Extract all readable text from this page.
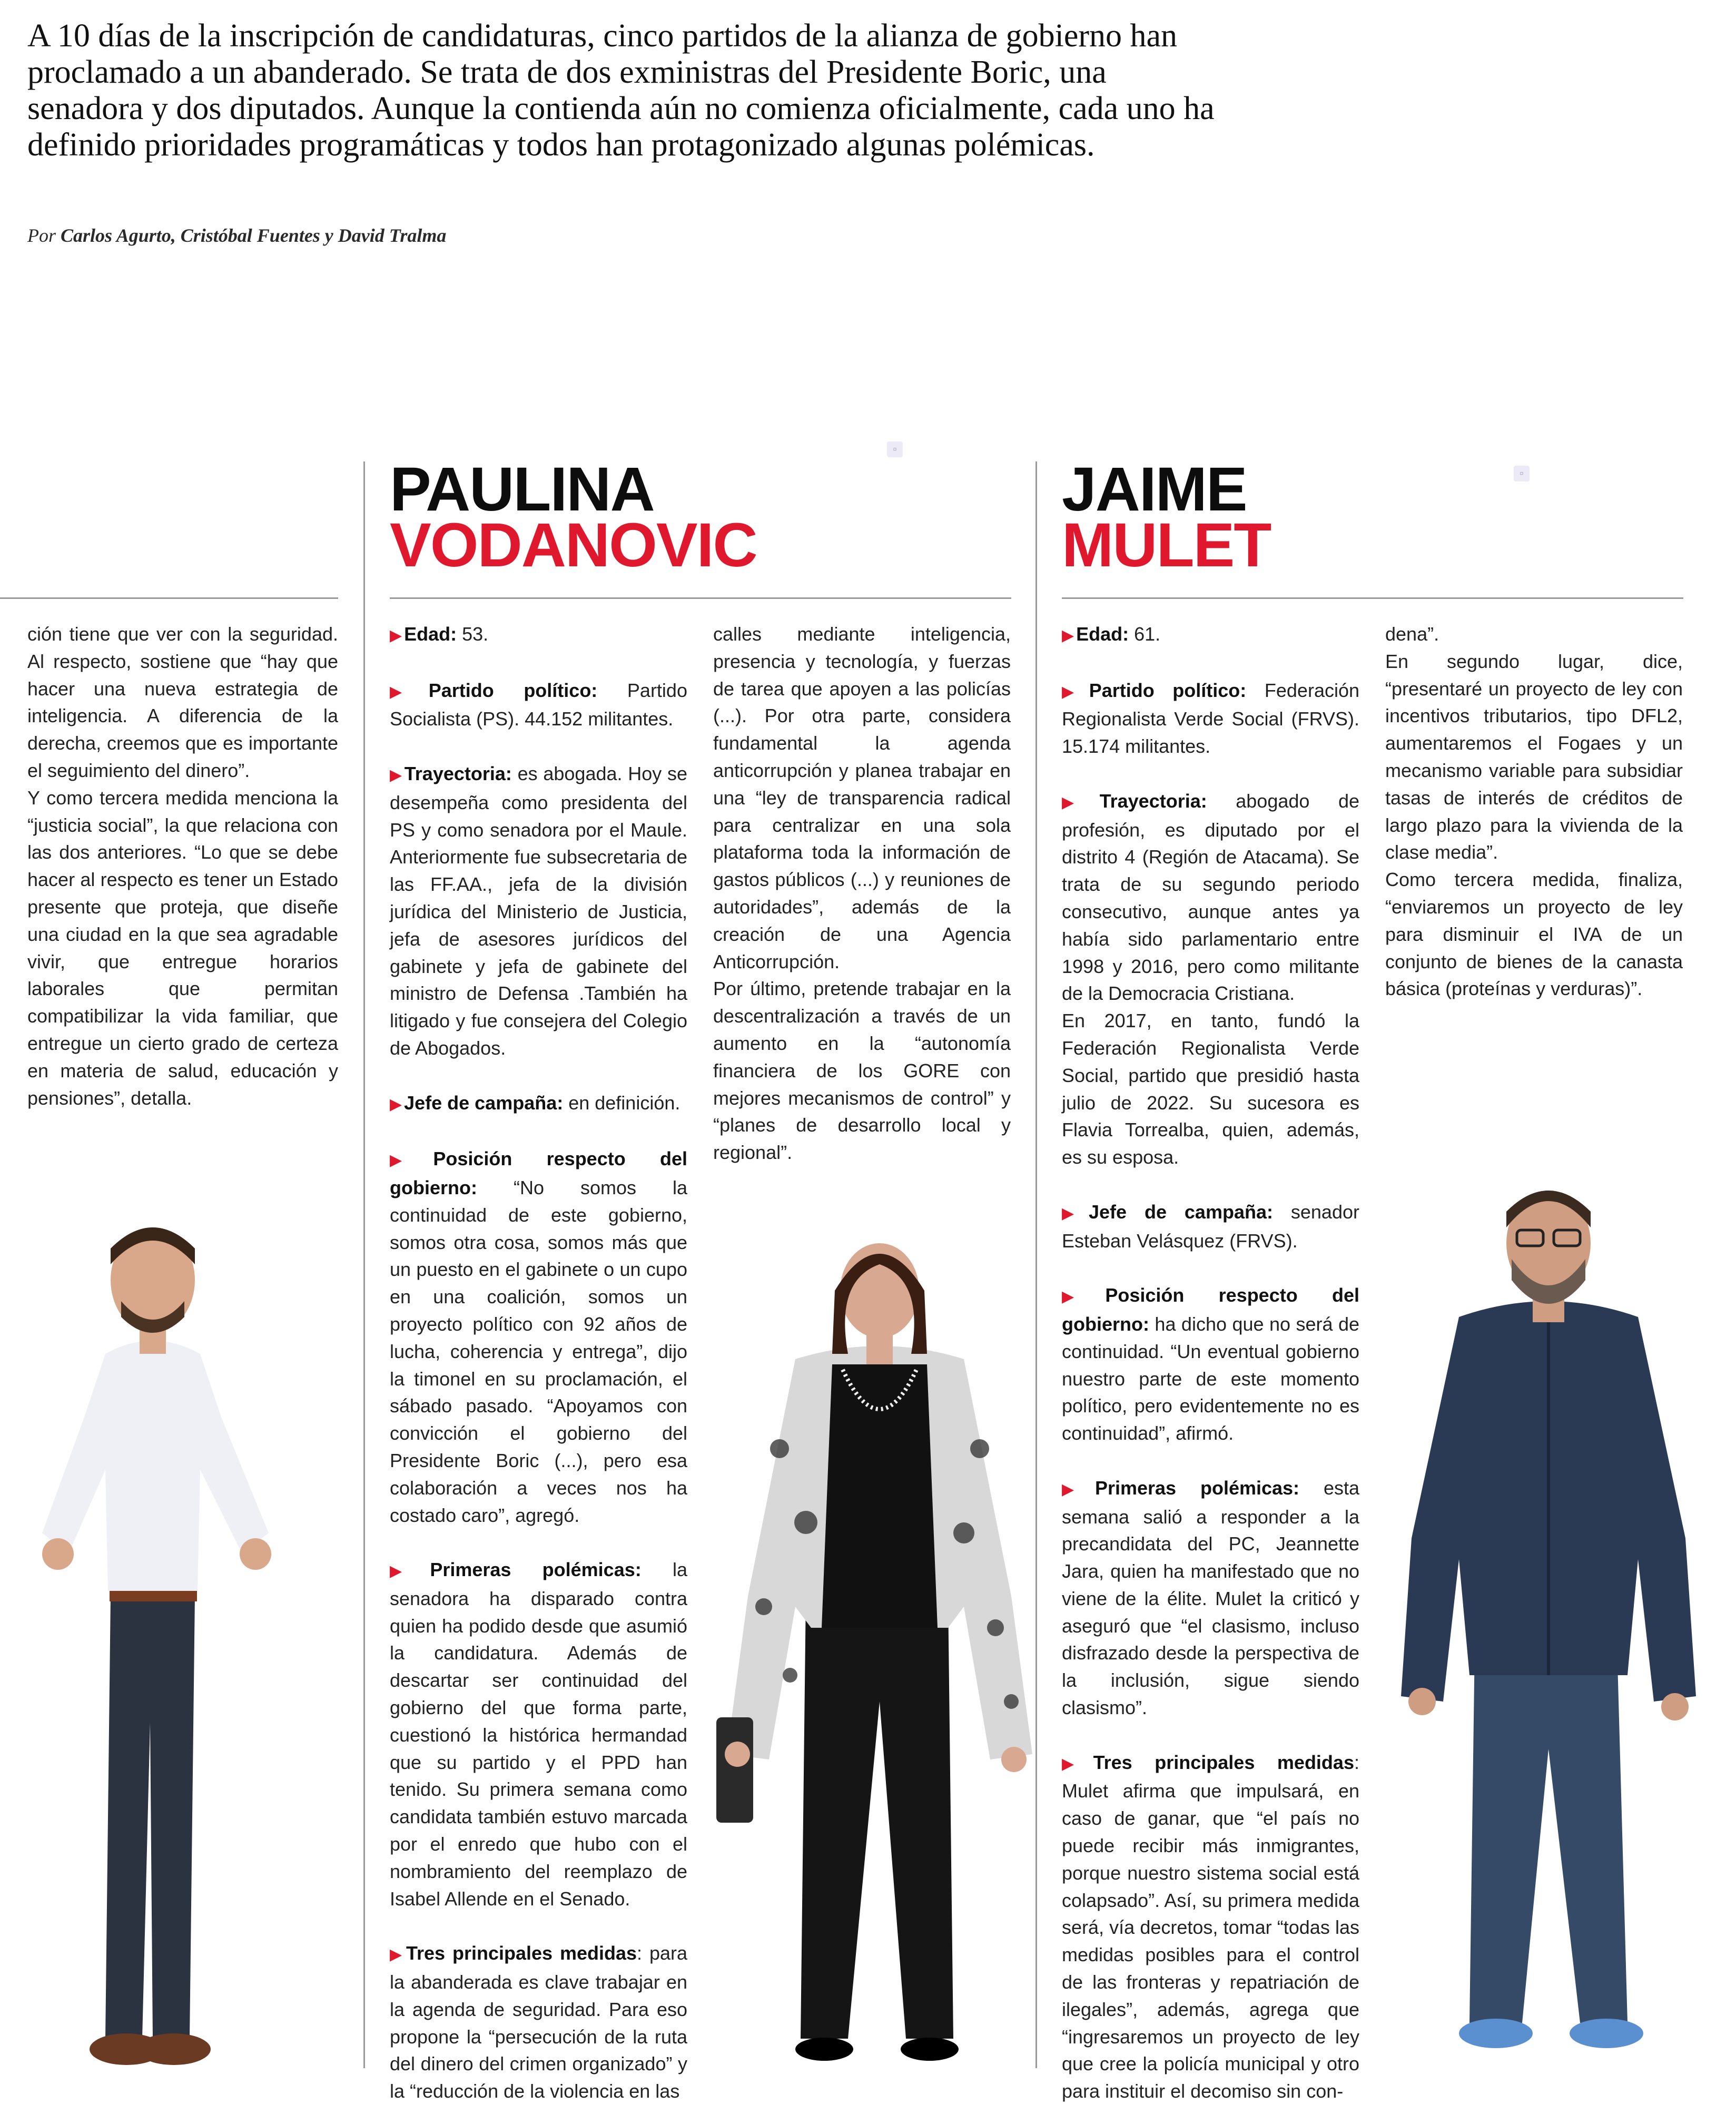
A 10 días de la inscripción de candidaturas, cinco partidos de la alianza de gobierno han proclamado a un abanderado. Se trata de dos exministras del Presidente Boric, una senadora y dos diputados. Aunque la contienda aún no comienza oficialmente, cada uno ha definido prioridades programáticas y todos han protagonizado algunas polémicas.
Por Carlos Agurto, Cristóbal Fuentes y David Tralma
▫
▫
PAULINA
VODANOVIC
JAIME
MULET

ción tiene que ver con la seguridad. Al respecto, sostiene que “hay que hacer una nueva estrategia de inteligencia. A diferencia de la derecha, creemos que es importante el seguimiento del dinero”.

Y como tercera medida menciona la “justicia social”, la que relaciona con las dos anteriores. “Lo que se debe hacer al respecto es tener un Estado presente que proteja, que diseñe una ciudad en la que sea agradable vivir, que entregue horarios laborales que permitan compatibilizar la vida familiar, que entregue un cierto grado de certeza en materia de salud, educación y pensiones”, detalla.

▶ Edad: 53.

▶ Partido político: Partido Socialista (PS). 44.152 militantes.

▶ Trayectoria: es abogada. Hoy se desempeña como presidenta del PS y como senadora por el Maule. Anteriormente fue subsecretaria de las FF.AA., jefa de la división jurídica del Ministerio de Justicia, jefa de asesores jurídicos del gabinete y jefa de gabinete del ministro de Defensa .También ha litigado y fue consejera del Colegio de Abogados.

▶ Jefe de campaña: en definición.

▶ Posición respecto del gobierno: “No somos la continuidad de este gobierno, somos otra cosa, somos más que un puesto en el gabinete o un cupo en una coalición, somos un proyecto político con 92 años de lucha, coherencia y entrega”, dijo la timonel en su proclamación, el sábado pasado. “Apoyamos con convicción el gobierno del Presidente Boric (...), pero esa colaboración a veces nos ha costado caro”, agregó.

▶ Primeras polémicas: la senadora ha disparado contra quien ha podido desde que asumió la candidatura. Además de descartar ser continuidad del gobierno del que forma parte, cuestionó la histórica hermandad que su partido y el PPD han tenido. Su primera semana como candidata también estuvo marcada por el enredo que hubo con el nombramiento del reemplazo de Isabel Allende en el Senado.

▶ Tres principales medidas: para la abanderada es clave trabajar en la agenda de seguridad. Para eso propone la “persecución de la ruta del dinero del crimen organizado” y la “reducción de la violencia en las

calles mediante inteligencia, presencia y tecnología, y fuerzas de tarea que apoyen a las policías (...). Por otra parte, considera fundamental la agenda anticorrupción y planea trabajar en una “ley de transparencia radical para centralizar en una sola plataforma toda la información de gastos públicos (...) y reuniones de autoridades”, además de la creación de una Agencia Anticorrupción.

Por último, pretende trabajar en la descentralización a través de un aumento en la “autonomía financiera de los GORE con mejores mecanismos de control” y “planes de desarrollo local y regional”.

▶ Edad: 61.

▶ Partido político: Federación Regionalista Verde Social (FRVS). 15.174 militantes.

▶ Trayectoria: abogado de profesión, es diputado por el distrito 4 (Región de Atacama). Se trata de su segundo periodo consecutivo, aunque antes ya había sido parlamentario entre 1998 y 2016, pero como militante de la Democracia Cristiana.

En 2017, en tanto, fundó la Federación Regionalista Verde Social, partido que presidió hasta julio de 2022. Su sucesora es Flavia Torrealba, quien, además, es su esposa.

▶ Jefe de campaña: senador Esteban Velásquez (FRVS).

▶ Posición respecto del gobierno: ha dicho que no será de continuidad. “Un eventual gobierno nuestro parte de este momento político, pero evidentemente no es continuidad”, afirmó.

▶ Primeras polémicas: esta semana salió a responder a la precandidata del PC, Jeannette Jara, quien ha manifestado que no viene de la élite. Mulet la criticó y aseguró que “el clasismo, incluso disfrazado desde la perspectiva de la inclusión, sigue siendo clasismo”.

▶ Tres principales medidas: Mulet afirma que impulsará, en caso de ganar, que “el país no puede recibir más inmigrantes, porque nuestro sistema social está colapsado”. Así, su primera medida será, vía decretos, tomar “todas las medidas posibles para el control de las fronteras y repatriación de ilegales”, además, agrega que “ingresaremos un proyecto de ley que cree la policía municipal y otro para instituir el decomiso sin con-

dena”.

En segundo lugar, dice, “presentaré un proyecto de ley con incentivos tributarios, tipo DFL2, aumentaremos el Fogaes y un mecanismo variable para subsidiar tasas de interés de créditos de largo plazo para la vivienda de la clase media”.

Como tercera medida, finaliza, “enviaremos un proyecto de ley para disminuir el IVA de un conjunto de bienes de la canasta básica (proteínas y verduras)”.
